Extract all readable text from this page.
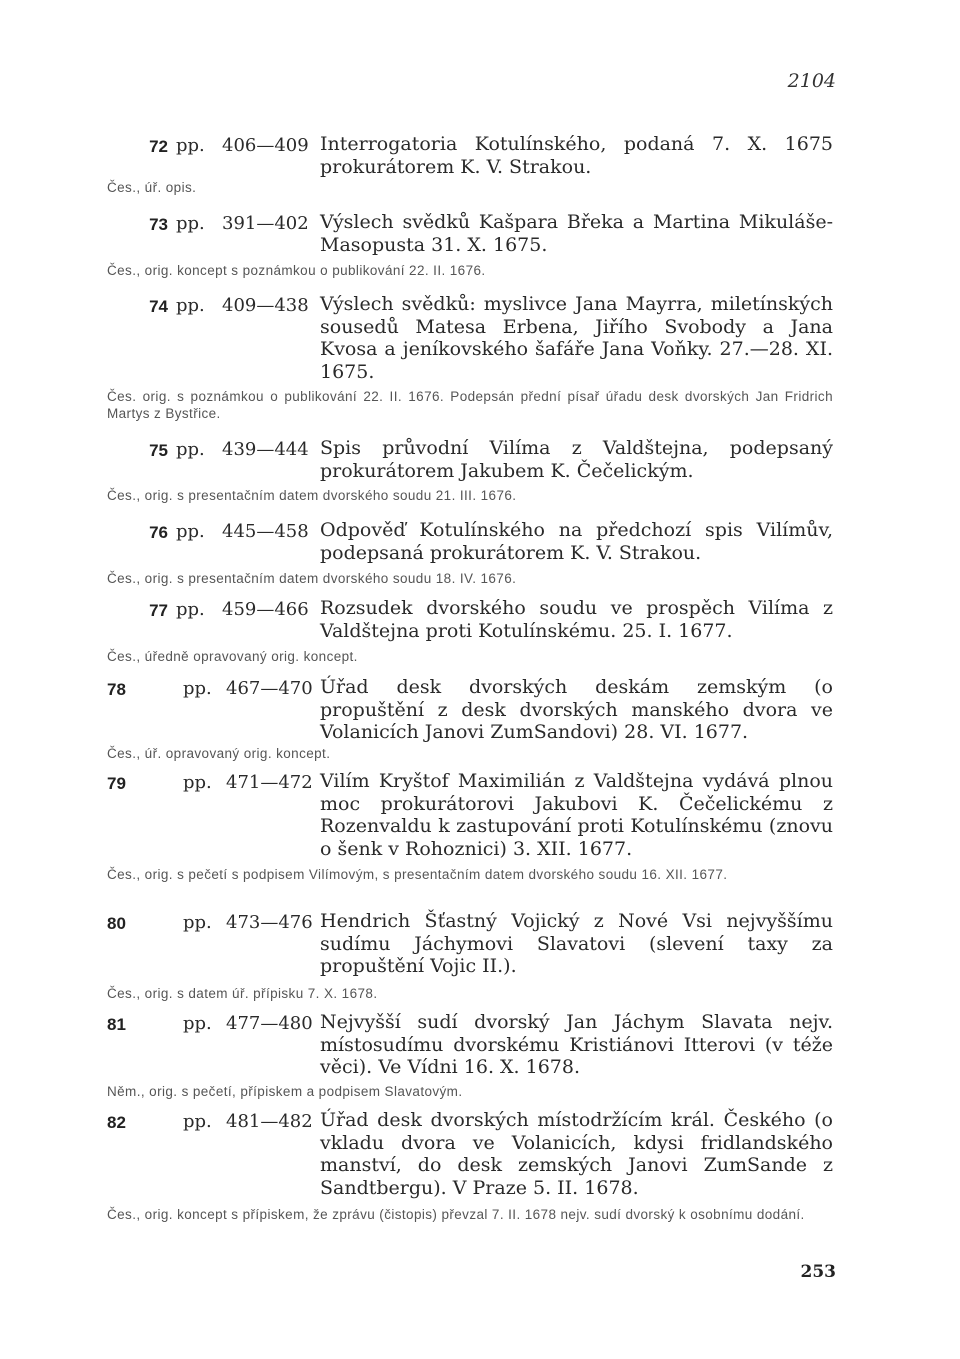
2104
72 pp. 406—409 Interrogatoria Kotulínského, podaná 7. X. 1675 prokurátorem K. V. Strakou.
Čes., úř. opis.
73 pp. 391—402 Výslech svědků Kašpara Břeka a Martina Mikuláše-Masopusta 31. X. 1675.
Čes., orig. koncept s poznámkou o publikování 22. II. 1676.
74 pp. 409—438 Výslech svědků: myslivce Jana Mayrra, miletínských sousedů Matesa Erbena, Jiřího Svobody a Jana Kvosa a jeníkovského šafáře Jana Voňky. 27.—28. XI. 1675.
Čes. orig. s poznámkou o publikování 22. II. 1676. Podepsán přední písař úřadu desk dvorských Jan Fridrich Martys z Bystřice.
75 pp. 439—444 Spis průvodní Vilíma z Valdštejna, podepsaný prokurátorem Jakubem K. Čečelickým.
Čes., orig. s presentačním datem dvorského soudu 21. III. 1676.
76 pp. 445—458 Odpověď Kotulínského na předchozí spis Vilímův, podepsaná prokurátorem K. V. Strakou.
Čes., orig. s presentačním datem dvorského soudu 18. IV. 1676.
77 pp. 459—466 Rozsudek dvorského soudu ve prospěch Vilíma z Valdštejna proti Kotulínskému. 25. I. 1677.
Čes., úředně opravovaný orig. koncept.
78	pp. 467—470 Úřad desk dvorských deskám zemským (o propuštění z desk dvorských manského dvora ve Volanicích Janovi ZumSandovi) 28. VI. 1677.
Čes., úř. opravovaný orig. koncept.
79	pp. 471—472 Vilím Kryštof Maximilián z Valdštejna vydává plnou moc prokurátorovi Jakubovi K. Čečelickému z Rozenvaldu k zastupování proti Kotulínskému (znovu o šenk v Rohoznici) 3. XII. 1677.
Čes., orig. s pečetí s podpisem Vilímovým, s presentačním datem dvorského soudu 16. XII. 1677.
80	pp. 473—476 Hendrich Šťastný Vojický z Nové Vsi nejvyššímu sudímu Jáchymovi Slavatovi (slevení taxy za propuštění Vojic II.).
Čes., orig. s datem úř. přípisku 7. X. 1678.
81	pp. 477—480 Nejvyšší sudí dvorský Jan Jáchym Slavata nejv. místosudímu dvorskému Kristiánovi Itterovi (v téže věci). Ve Vídni 16. X. 1678.
Něm., orig. s pečetí, přípiskem a podpisem Slavatovým.
82	pp. 481—482 Úřad desk dvorských místodržícím král. Českého (o vkladu dvora ve Volanicích, kdysi fridlandského manství, do desk zemských Janovi ZumSande z Sandtbergu). V Praze 5. II. 1678.
Čes., orig. koncept s přípiskem, že zprávu (čistopis) převzal 7. II. 1678 nejv. sudí dvorský k osobnímu dodání.
253
